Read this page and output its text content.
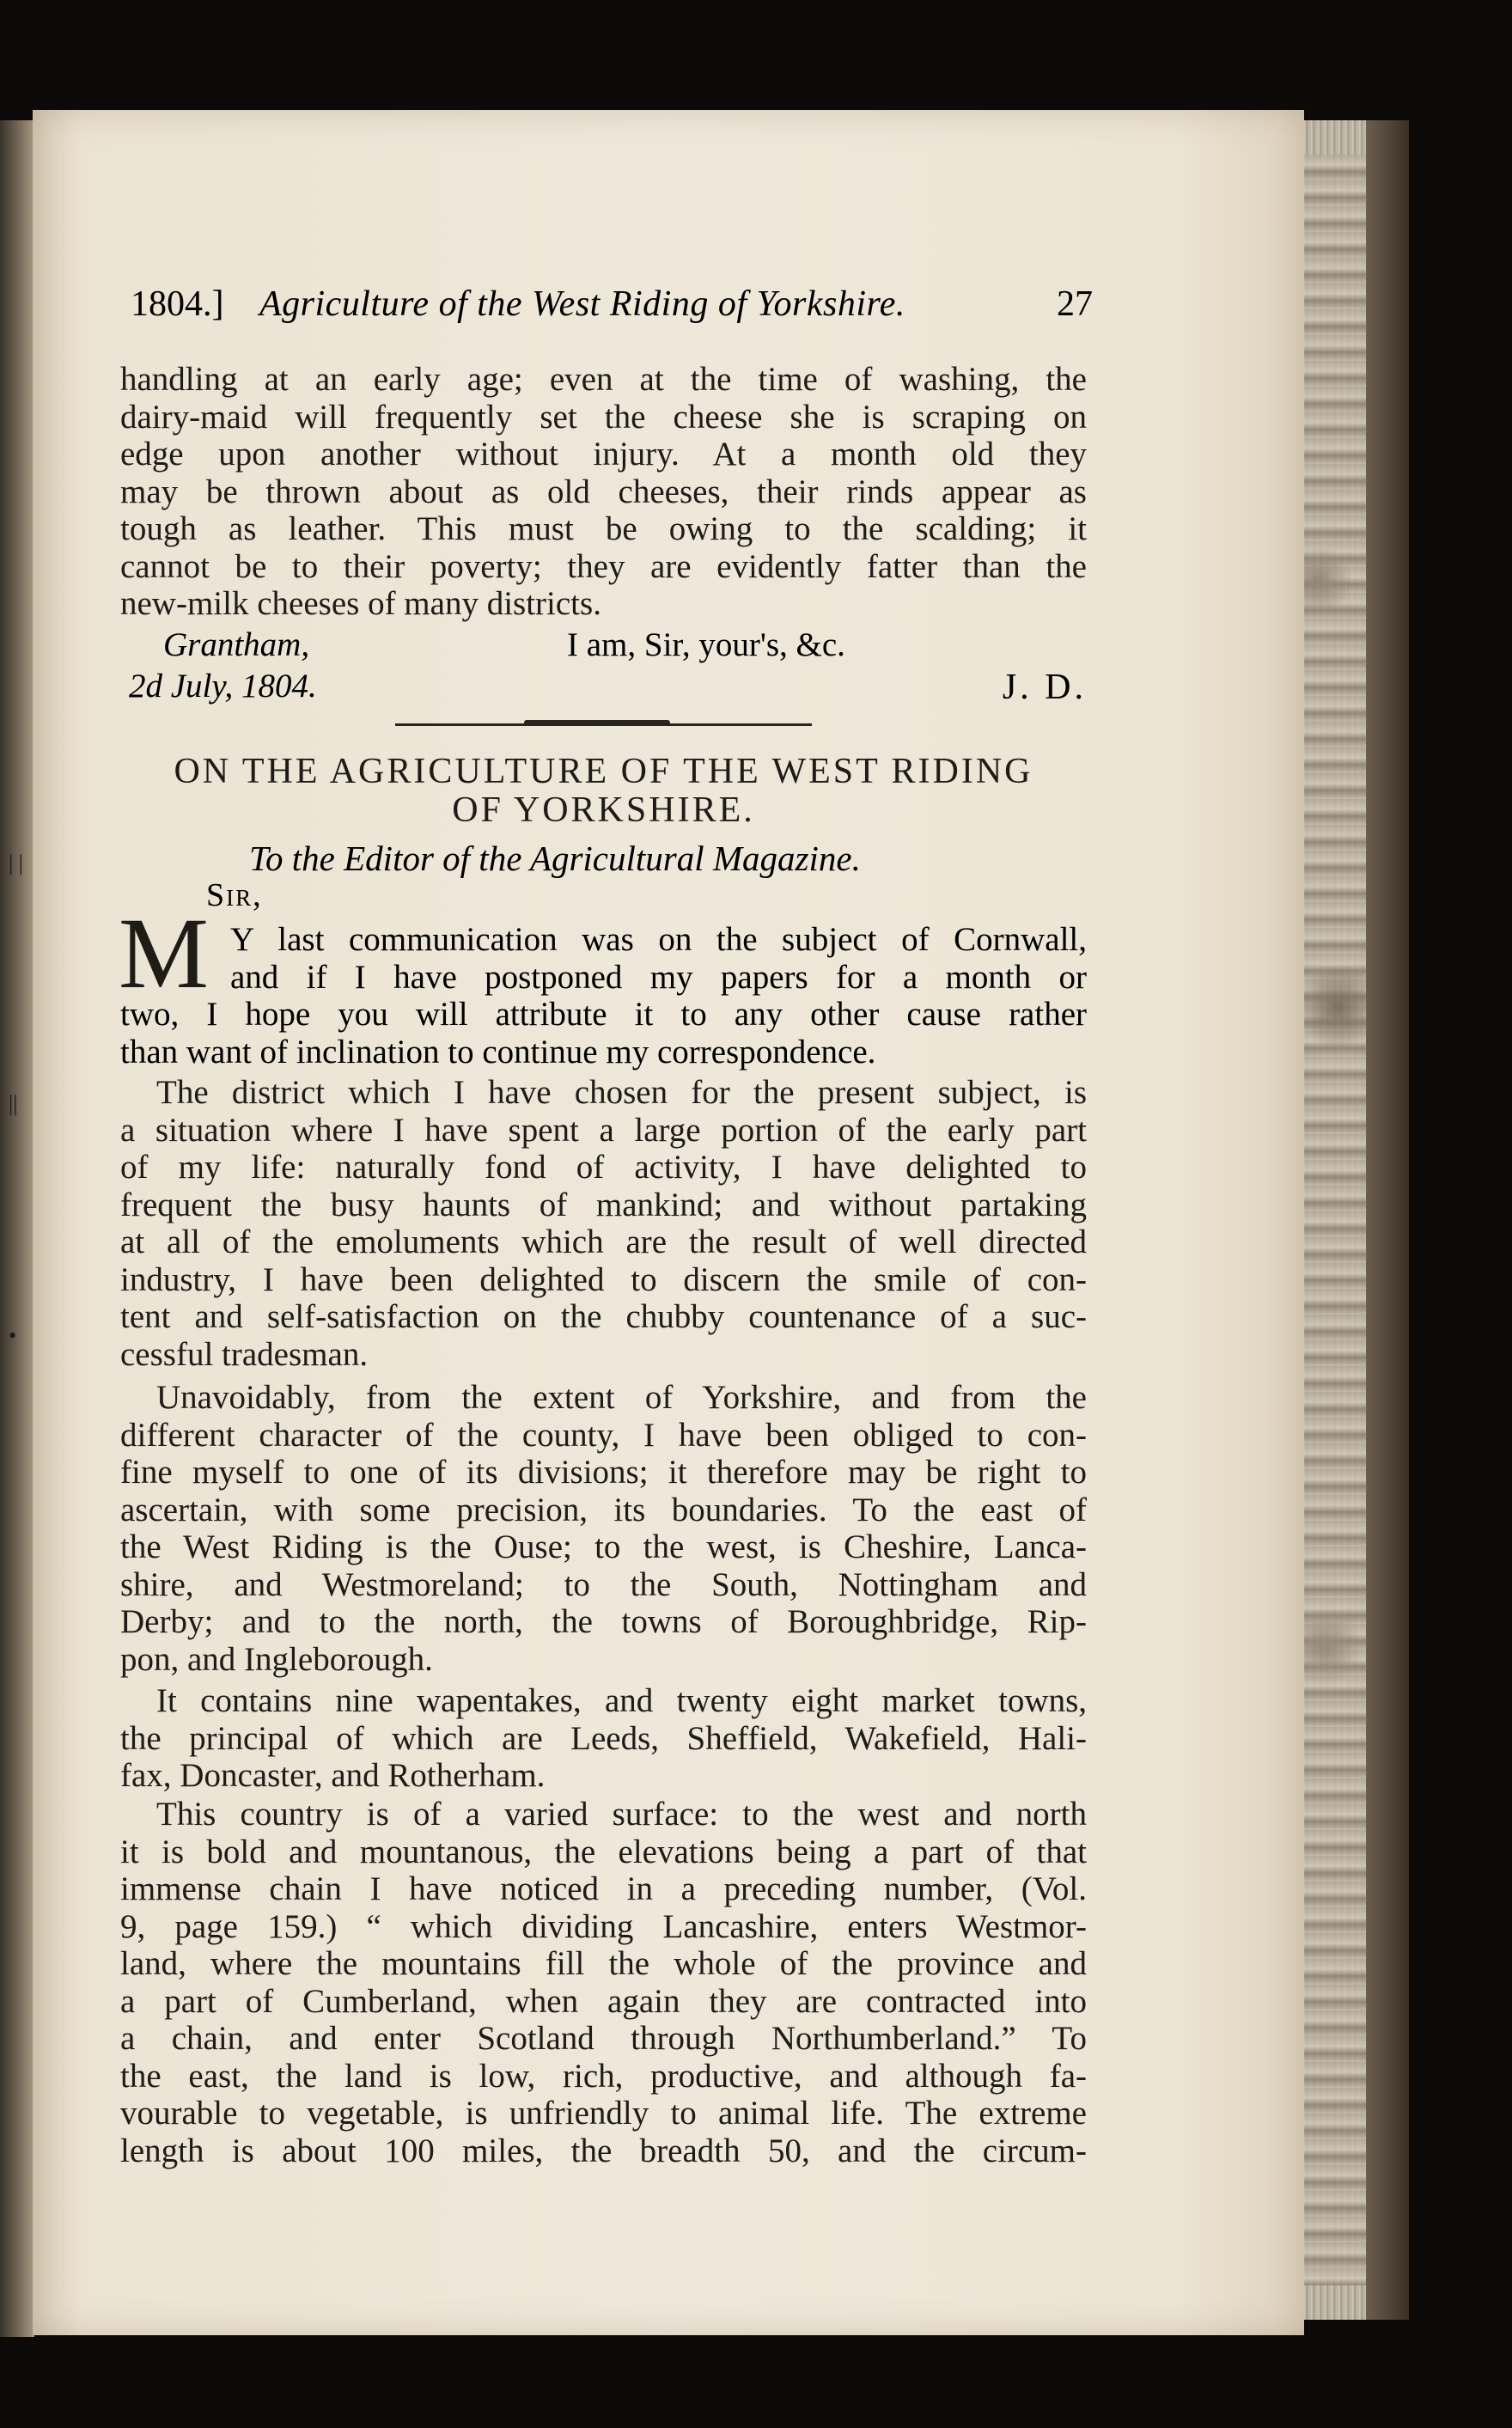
| |
||
•
1804.] Agriculture of the West Riding of Yorkshire.	27
handling at an early age; even at the time of washing, the
dairy-maid will frequently set the cheese she is scraping on
edge upon another without injury. At a month old they
may be thrown about as old cheeses, their rinds appear as
tough as leather. This must be owing to the scalding; it
cannot be to their poverty; they are evidently fatter than the
new-milk cheeses of many districts.
Grantham,	I am, Sir, your's, &c.
2d July, 1804.	J. D.
ON THE AGRICULTURE OF THE WEST RIDING
OF YORKSHIRE.
To the Editor of the Agricultural Magazine.
Sir,
M Y last communication was on the subject of Cornwall,
and if I have postponed my papers for a month or
two, I hope you will attribute it to any other cause rather
than want of inclination to continue my correspondence.
The district which I have chosen for the present subject, is
a situation where I have spent a large portion of the early part
of my life: naturally fond of activity, I have delighted to
frequent the busy haunts of mankind; and without partaking
at all of the emoluments which are the result of well directed
industry, I have been delighted to discern the smile of con-
tent and self-satisfaction on the chubby countenance of a suc-
cessful tradesman.
Unavoidably, from the extent of Yorkshire, and from the
different character of the county, I have been obliged to con-
fine myself to one of its divisions; it therefore may be right to
ascertain, with some precision, its boundaries. To the east of
the West Riding is the Ouse; to the west, is Cheshire, Lanca-
shire, and Westmoreland; to the South, Nottingham and
Derby; and to the north, the towns of Boroughbridge, Rip-
pon, and Ingleborough.
It contains nine wapentakes, and twenty eight market towns,
the principal of which are Leeds, Sheffield, Wakefield, Hali-
fax, Doncaster, and Rotherham.
This country is of a varied surface: to the west and north
it is bold and mountanous, the elevations being a part of that
immense chain I have noticed in a preceding number, (Vol.
9, page 159.) “ which dividing Lancashire, enters Westmor-
land, where the mountains fill the whole of the province and
a part of Cumberland, when again they are contracted into
a chain, and enter Scotland through Northumberland.” To
the east, the land is low, rich, productive, and although fa-
vourable to vegetable, is unfriendly to animal life. The extreme
length is about 100 miles, the breadth 50, and the circum-
